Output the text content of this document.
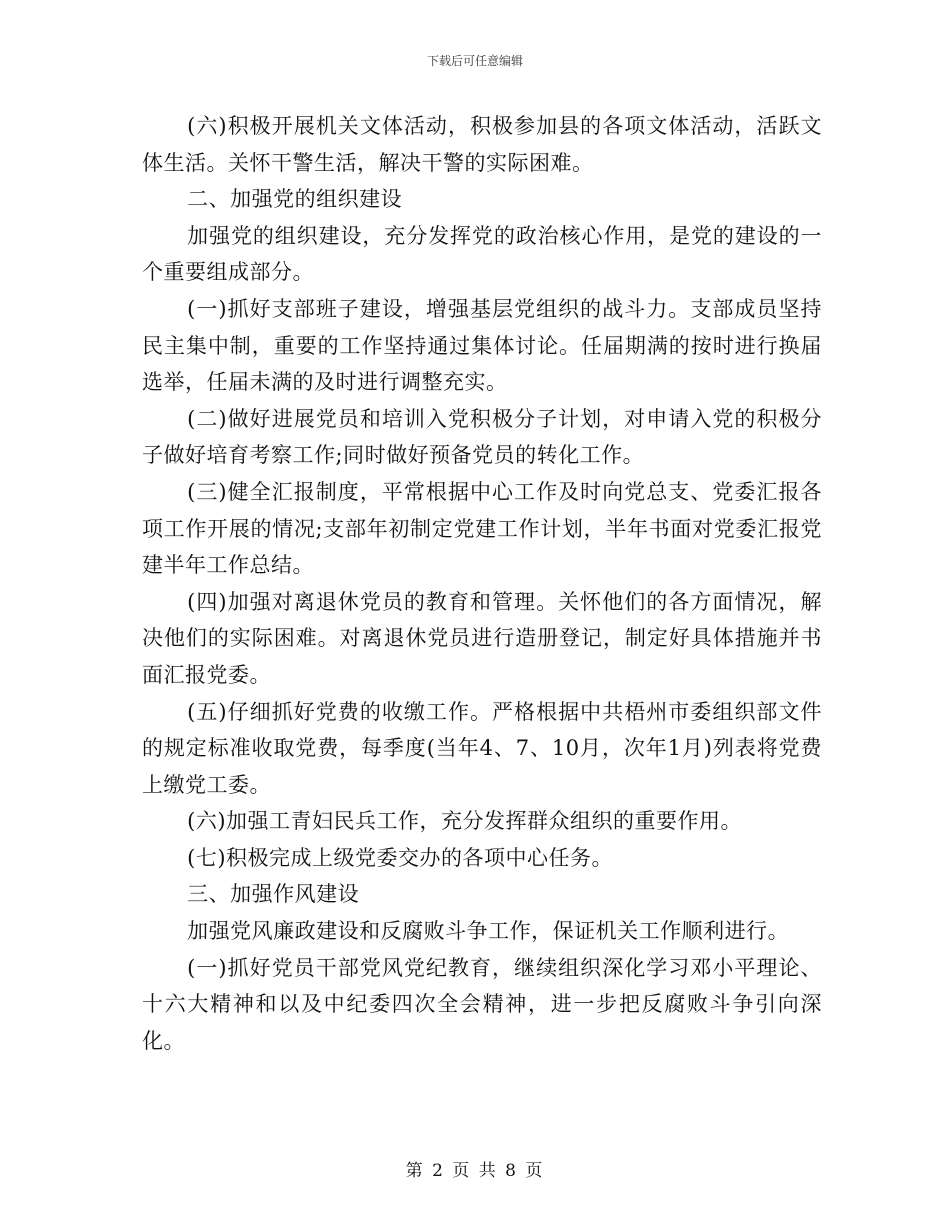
下载后可任意编辑

(六)积极开展机关文体活动，积极参加县的各项文体活动，活跃文体生活。关怀干警生活，解决干警的实际困难。

二、加强党的组织建设

加强党的组织建设，充分发挥党的政治核心作用，是党的建设的一个重要组成部分。

(一)抓好支部班子建设，增强基层党组织的战斗力。支部成员坚持民主集中制，重要的工作坚持通过集体讨论。任届期满的按时进行换届选举，任届未满的及时进行调整充实。

(二)做好进展党员和培训入党积极分子计划，对申请入党的积极分子做好培育考察工作;同时做好预备党员的转化工作。

(三)健全汇报制度，平常根据中心工作及时向党总支、党委汇报各项工作开展的情况;支部年初制定党建工作计划，半年书面对党委汇报党建半年工作总结。

(四)加强对离退休党员的教育和管理。关怀他们的各方面情况，解决他们的实际困难。对离退休党员进行造册登记，制定好具体措施并书面汇报党委。

(五)仔细抓好党费的收缴工作。严格根据中共梧州市委组织部文件的规定标准收取党费，每季度(当年4、7、10月，次年1月)列表将党费上缴党工委。

(六)加强工青妇民兵工作，充分发挥群众组织的重要作用。

(七)积极完成上级党委交办的各项中心任务。

三、加强作风建设

加强党风廉政建设和反腐败斗争工作，保证机关工作顺利进行。

(一)抓好党员干部党风党纪教育，继续组织深化学习邓小平理论、十六大精神和以及中纪委四次全会精神，进一步把反腐败斗争引向深化。

第 2 页 共 8 页
